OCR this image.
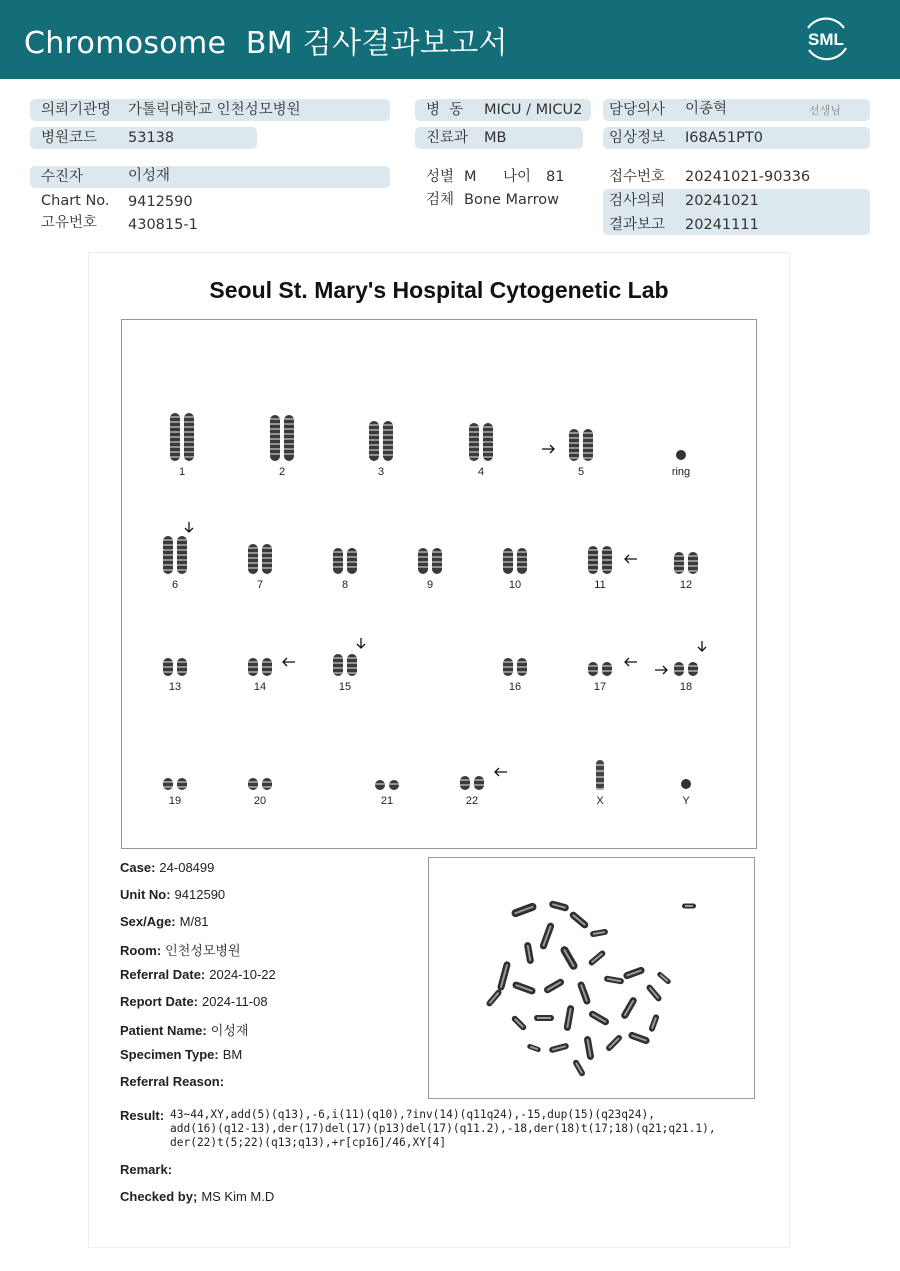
Chromosome  BM 검사결과보고서	SML
의뢰기관명 가톨릭대학교 인천성모병원
병원코드 53138
병  동 MICU / MICU2
진료과 MB
담당의사 이종혁	선생님
임상정보 I68A51PT0
수진자	이성재
Chart No. 9412590
고유번호 430815-1
성별 M 나이 81
검체 Bone Marrow
접수번호 20241021-90336
검사의뢰 20241021
결과보고 20241111
Seoul St. Mary's Hospital Cytogenetic Lab
1	2	3	4	5	ring
6	7	8	9	10	11	12
13	14	15	16	17	18
19	20	21	22	X	Y
Case: 24-08499
Unit No: 9412590
Sex/Age: M/81
Room: 인천성모병원
Referral Date: 2024-10-22
Report Date: 2024-11-08
Patient Name: 이성재
Specimen Type: BM
Referral Reason:
Result: 43~44,XY,add(5)(q13),-6,i(11)(q10),?inv(14)(q11q24),-15,dup(15)(q23q24),
add(16)(q12-13),der(17)del(17)(p13)del(17)(q11.2),-18,der(18)t(17;18)(q21;q21.1),
der(22)t(5;22)(q13;q13),+r[cp16]/46,XY[4]
Remark:
Checked by; MS Kim M.D
